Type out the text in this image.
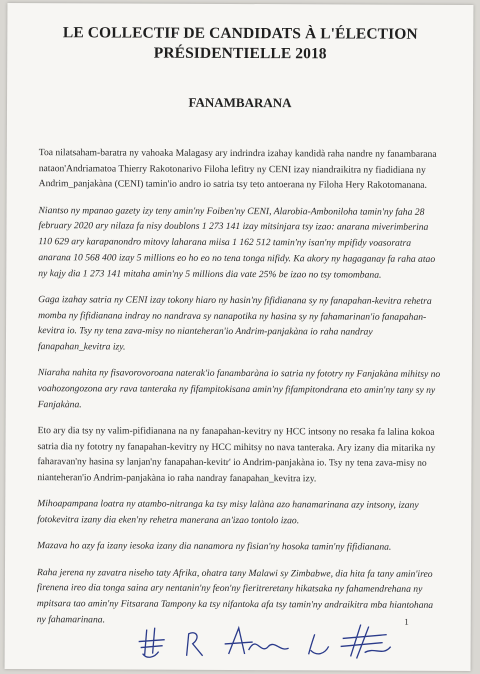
LE COLLECTIF DE CANDIDATS À L'ÉLECTION
PRÉSIDENTIELLE 2018
FANAMBARANA

Toa nilatsaham-baratra ny vahoaka Malagasy ary indrindra izahay kandidà raha nandre ny fanambarana nataon'Andriamatoa Thierry Rakotonarivo Filoha lefitry ny CENI izay niandraikitra ny fiadidiana ny Andrim_panjakàna (CENI) tamin'io andro io satria tsy teto antoerana ny Filoha Hery Rakotomanana.

Niantso ny mpanao gazety izy teny amin'ny Foiben'ny CENI, Alarobia-Amboniloha tamin'ny faha 28 february 2020 ary nilaza fa nisy doublons 1 273 141 izay mitsinjara tsy izao: anarana miverimberina 110 629 ary karapanondro mitovy laharana miisa 1 162 512 tamin'ny isan'ny mpifidy voasoratra anarana 10 568 400 izay 5 millions eo ho eo no tena tonga nifidy. Ka akory ny hagaganay fa raha atao ny kajy dia 1 273 141 mitaha amin'ny 5 millions dia vate 25% be izao no tsy tomombana.

Gaga izahay satria ny CENI izay tokony hiaro ny hasin'ny fifidianana sy ny fanapahan-kevitra rehetra momba ny fifidianana indray no nandrava sy nanapotika ny hasina sy ny fahamarinan'io fanapahan-kevitra io. Tsy ny tena zava-misy no nianteheran'io Andrim-panjakàna io raha nandray fanapahan_kevitra izy.

Niaraha nahita ny fisavorovoroana naterak'io fanambaràna io satria ny fototry ny Fanjakàna mihitsy no voahozongozona ary rava tanteraka ny fifampitokisana amin'ny fifampitondrana eto amin'ny tany sy ny Fanjakàna.

Eto ary dia tsy ny valim-pifidianana na ny fanapahan-kevitry ny HCC intsony no resaka fa lalina kokoa satria dia ny fototry ny fanapahan-kevitry ny HCC mihitsy no nava tanteraka. Ary izany dia mitarika ny faharavan'ny hasina sy lanjan'ny fanapahan-kevitr' io Andrim-panjakàna io. Tsy ny tena zava-misy no nianteheran'io Andrim-panjakàna io raha nandray fanapahan_kevitra izy.

Mihoapampana loatra ny atambo-nitranga ka tsy misy lalàna azo hanamarinana azy intsony, izany fotokevitra izany dia eken'ny rehetra manerana an'izao tontolo izao.

Mazava ho azy fa izany iesoka izany dia nanamora ny fisian'ny hosoka tamin'ny fifidianana.

Raha jerena ny zavatra niseho taty Afrika, ohatra tany Malawi sy Zimbabwe, dia hita fa tany amin'ireo firenena ireo dia tonga saina ary nentanin'ny feon'ny fieritreretany hikatsaka ny fahamendrehana ny mpitsara tao amin'ny Fitsarana Tampony ka tsy nifantoka afa tsy tamin'ny andraikitra mba hiantohana ny fahamarinana.	1
